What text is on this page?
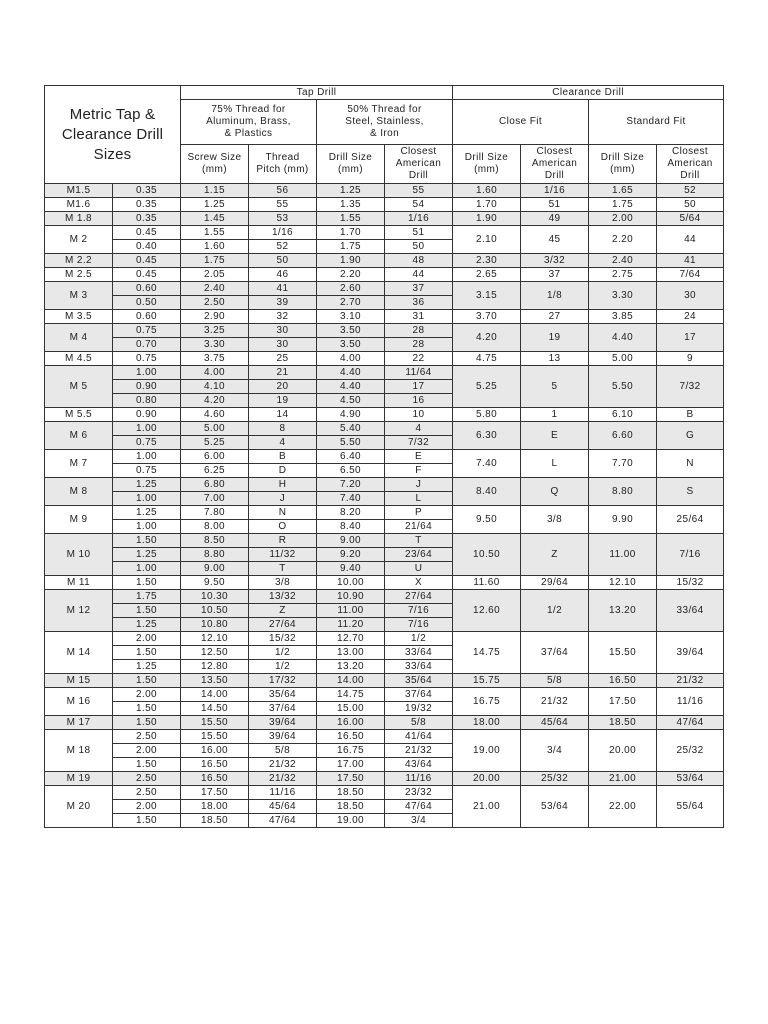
Metric Tap &
Clearance Drill
Sizes		Tap Drill				Clearance Drill				

		75% Thread for
Aluminum, Brass,
& Plastics		50% Thread for
Steel, Stainless,
& Iron		Close Fit		Standard Fit		

		Screw Size
(mm)	Thread
Pitch (mm)	Drill Size
(mm)	Closest
American
Drill	Drill Size
(mm)	Closest
American
Drill	Drill Size
(mm)	Closest
American
Drill

M1.5	0.35	1.15	56	1.25	55	1.60	1/16	1.65	52	
M1.6	0.35	1.25	55	1.35	54	1.70	51	1.75	50	
M 1.8	0.35	1.45	53	1.55	1/16	1.90	49	2.00	5/64	
M 2	0.45	1.55	1/16	1.70	51	2.10	45	2.20	44	
	0.40	1.60	52	1.75	50					
M 2.2	0.45	1.75	50	1.90	48	2.30	3/32	2.40	41	
M 2.5	0.45	2.05	46	2.20	44	2.65	37	2.75	7/64	
M 3	0.60	2.40	41	2.60	37	3.15	1/8	3.30	30	
	0.50	2.50	39	2.70	36					
M 3.5	0.60	2.90	32	3.10	31	3.70	27	3.85	24	
M 4	0.75	3.25	30	3.50	28	4.20	19	4.40	17	
	0.70	3.30	30	3.50	28					
M 4.5	0.75	3.75	25	4.00	22	4.75	13	5.00	9	
M 5	1.00	4.00	21	4.40	11/64	5.25	5	5.50	7/32	
	0.90	4.10	20	4.40	17					
	0.80	4.20	19	4.50	16					
M 5.5	0.90	4.60	14	4.90	10	5.80	1	6.10	B	
M 6	1.00	5.00	8	5.40	4	6.30	E	6.60	G	
	0.75	5.25	4	5.50	7/32					
M 7	1.00	6.00	B	6.40	E	7.40	L	7.70	N	
	0.75	6.25	D	6.50	F					
M 8	1.25	6.80	H	7.20	J	8.40	Q	8.80	S	
	1.00	7.00	J	7.40	L					
M 9	1.25	7.80	N	8.20	P	9.50	3/8	9.90	25/64	
	1.00	8.00	O	8.40	21/64					
M 10	1.50	8.50	R	9.00	T	10.50	Z	11.00	7/16	
	1.25	8.80	11/32	9.20	23/64					
	1.00	9.00	T	9.40	U					
M 11	1.50	9.50	3/8	10.00	X	11.60	29/64	12.10	15/32	
M 12	1.75	10.30	13/32	10.90	27/64	12.60	1/2	13.20	33/64	
	1.50	10.50	Z	11.00	7/16					
	1.25	10.80	27/64	11.20	7/16					
M 14	2.00	12.10	15/32	12.70	1/2	14.75	37/64	15.50	39/64	
	1.50	12.50	1/2	13.00	33/64					
	1.25	12.80	1/2	13.20	33/64					
M 15	1.50	13.50	17/32	14.00	35/64	15.75	5/8	16.50	21/32	
M 16	2.00	14.00	35/64	14.75	37/64	16.75	21/32	17.50	11/16	
	1.50	14.50	37/64	15.00	19/32					
M 17	1.50	15.50	39/64	16.00	5/8	18.00	45/64	18.50	47/64	
M 18	2.50	15.50	39/64	16.50	41/64	19.00	3/4	20.00	25/32	
	2.00	16.00	5/8	16.75	21/32					
	1.50	16.50	21/32	17.00	43/64					
M 19	2.50	16.50	21/32	17.50	11/16	20.00	25/32	21.00	53/64	
M 20	2.50	17.50	11/16	18.50	23/32	21.00	53/64	22.00	55/64	
	2.00	18.00	45/64	18.50	47/64					
	1.50	18.50	47/64	19.00	3/4					
